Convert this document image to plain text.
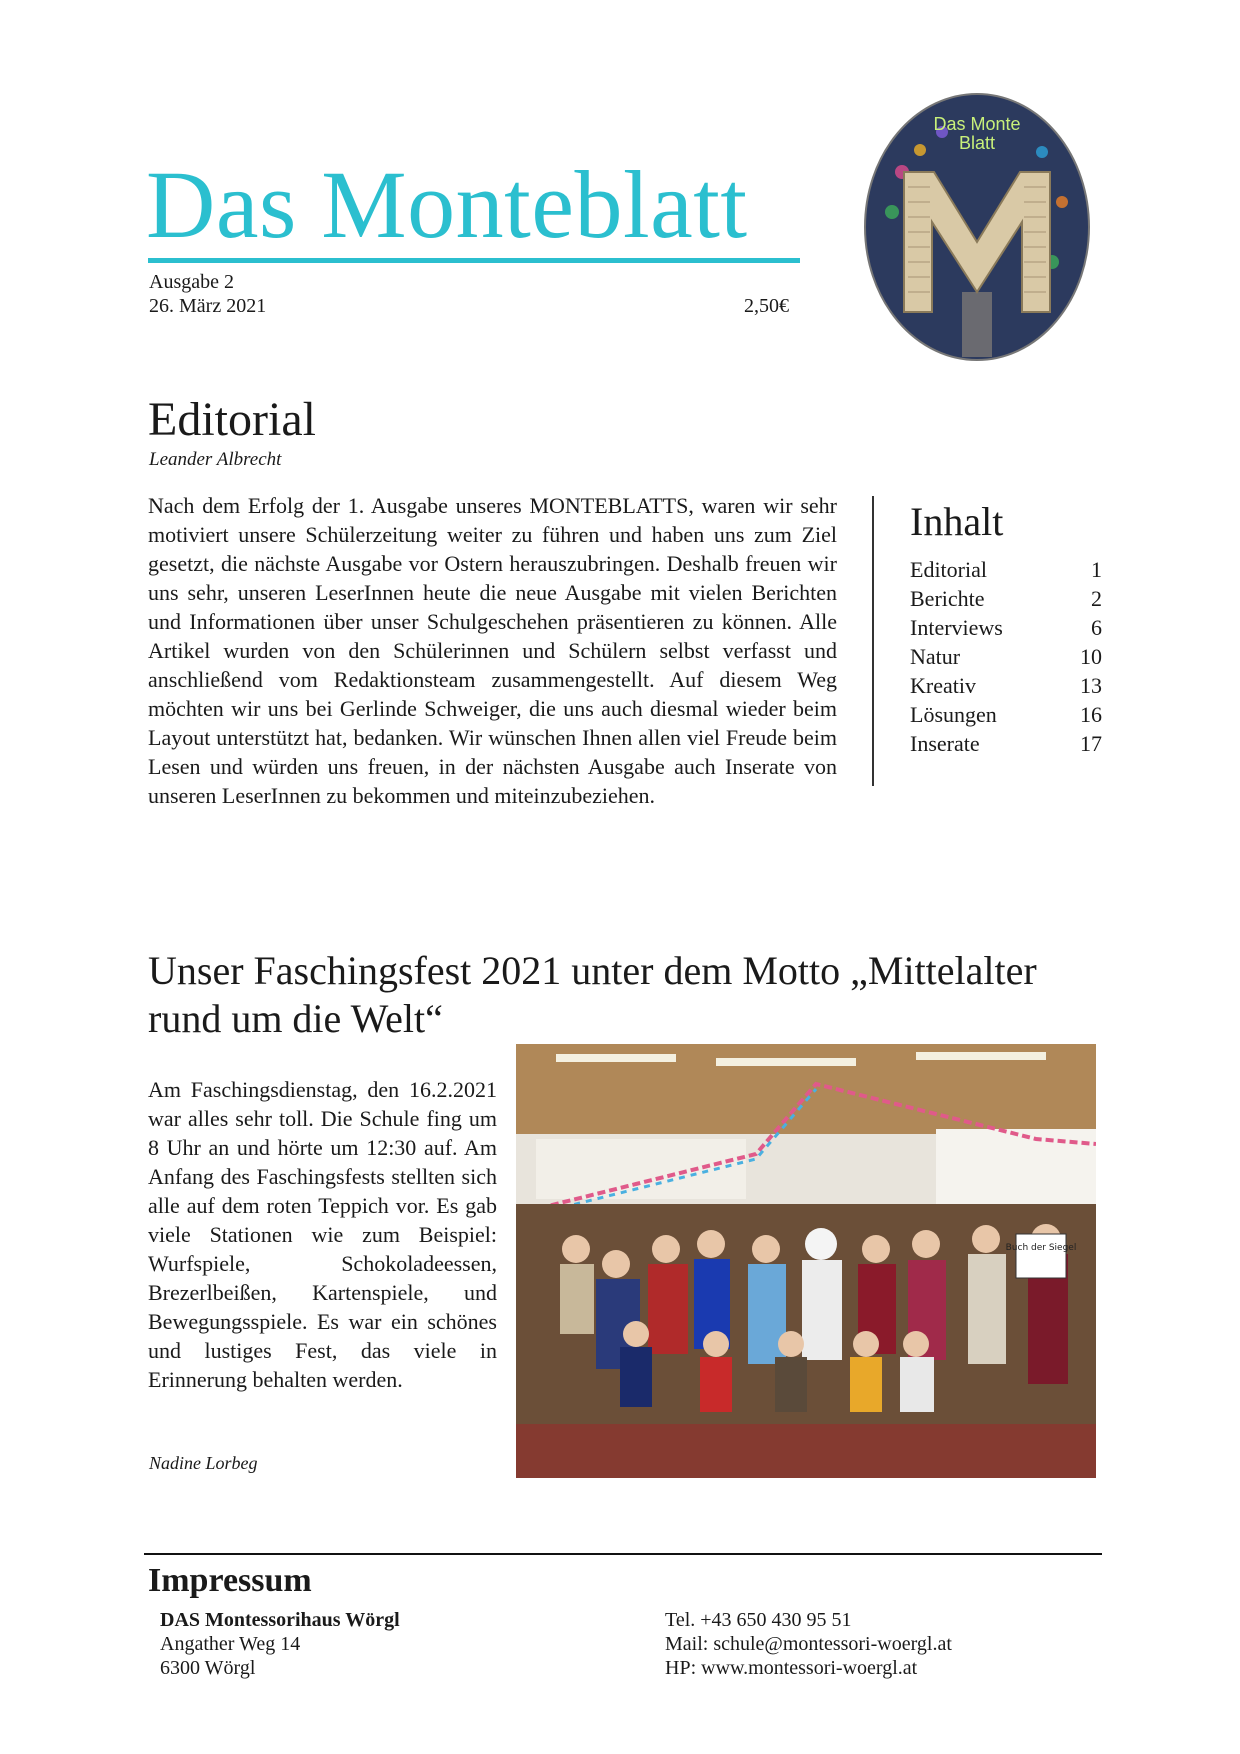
Das Monteblatt
Ausgabe 2
26. März 2021	2,50€
Das Monte
Blatt
M
Editorial
Leander Albrecht

Nach dem Erfolg der 1. Ausgabe unseres MONTEBLATTS, waren wir sehr motiviert unsere Schülerzeitung weiter zu führen und haben uns zum Ziel gesetzt, die nächste Ausgabe vor Ostern herauszubringen. Deshalb freuen wir uns sehr, unseren LeserInnen heute die neue Ausgabe mit vielen Berichten und Informationen über unser Schulgeschehen präsentieren zu können. Alle Artikel wurden von den Schülerinnen und Schülern selbst verfasst und anschließend vom Redaktionsteam zusammengestellt. Auf diesem Weg möchten wir uns bei Gerlinde Schweiger, die uns auch diesmal wieder beim Layout unterstützt hat, bedanken. Wir wünschen Ihnen allen viel Freude beim Lesen und würden uns freuen, in der nächsten Ausgabe auch Inserate von unseren LeserInnen zu bekommen und miteinzubeziehen.

Inhalt
Editorial	1
Berichte	2
Interviews	6
Natur	10
Kreativ	13
Lösungen	16
Inserate	17
Unser Faschingsfest 2021 unter dem Motto „Mittelalter rund um die Welt“

Am Faschingsdienstag, den 16.2.2021 war alles sehr toll. Die Schule fing um 8 Uhr an und hörte um 12:30 auf. Am Anfang des Faschingsfests stellten sich alle auf dem roten Teppich vor. Es gab viele Stationen wie zum Beispiel: Wurfspiele, Schokoladeessen, Brezerlbeißen, Kartenspiele, und Bewegungsspiele. Es war ein schönes und lustiges Fest, das viele in Erinnerung behalten werden.

Nadine Lorbeg
Buch der Siegel
Impressum
DAS Montessorihaus Wörgl
Angather Weg 14
6300 Wörgl
Tel. +43 650 430 95 51
Mail: schule@montessori-woergl.at
HP: www.montessori-woergl.at
